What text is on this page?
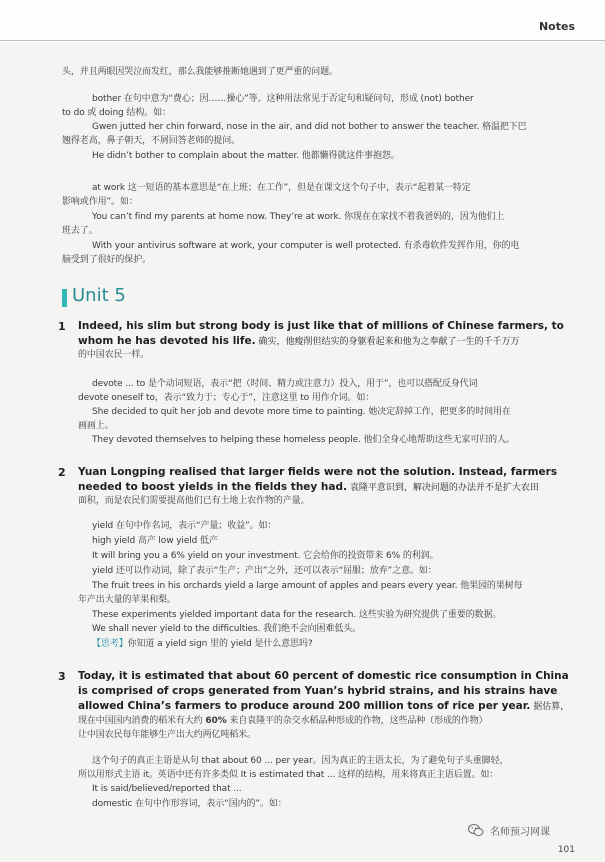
Notes
头，并且两眼因哭泣而发红，那么我能够推断她遇到了更严重的问题。
bother 在句中意为“费心；因……操心”等。这种用法常见于否定句和疑问句，形成 (not) bother
to do 或 doing 结构。如：
Gwen jutted her chin forward, nose in the air, and did not bother to answer the teacher. 格温把下巴
翘得老高，鼻子朝天，不屑回答老师的提问。
He didn’t bother to complain about the matter. 他都懒得就这件事抱怨。
at work 这一短语的基本意思是“在上班；在工作”，但是在课文这个句子中，表示“起着某一特定
影响或作用”。如：
You can’t find my parents at home now. They’re at work. 你现在在家找不着我爸妈的，因为他们上
班去了。
With your antivirus software at work, your computer is well protected. 有杀毒软件发挥作用，你的电
脑受到了很好的保护。
Unit 5
1 Indeed, his slim but strong body is just like that of millions of Chinese farmers, to
whom he has devoted his life. 确实，他瘦削但结实的身躯看起来和他为之奉献了一生的千千万万
的中国农民一样。
devote ... to 是个动词短语，表示“把（时间、精力或注意力）投入，用于”，也可以搭配反身代词
devote oneself to，表示“致力于；专心于”，注意这里 to 用作介词。如：
She decided to quit her job and devote more time to painting. 她决定辞掉工作，把更多的时间用在
画画上。
They devoted themselves to helping these homeless people. 他们全身心地帮助这些无家可归的人。
2 Yuan Longping realised that larger fields were not the solution. Instead, farmers
needed to boost yields in the fields they had. 袁隆平意识到，解决问题的办法并不是扩大农田
面积，而是农民们需要提高他们已有土地上农作物的产量。
yield 在句中作名词，表示“产量；收益”。如：
high yield 高产 low yield 低产
It will bring you a 6% yield on your investment. 它会给你的投资带来 6% 的利润。
yield 还可以作动词，除了表示“生产；产出”之外，还可以表示“屈服；放弃”之意。如：
The fruit trees in his orchards yield a large amount of apples and pears every year. 他果园的果树每
年产出大量的苹果和梨。
These experiments yielded important data for the research. 这些实验为研究提供了重要的数据。
We shall never yield to the difficulties. 我们绝不会向困难低头。
【思考】你知道 a yield sign 里的 yield 是什么意思吗?
3 Today, it is estimated that about 60 percent of domestic rice consumption in China
is comprised of crops generated from Yuan’s hybrid strains, and his strains have
allowed China’s farmers to produce around 200 million tons of rice per year. 据估算，
现在中国国内消费的稻米有大约 60% 来自袁隆平的杂交水稻品种形成的作物，这些品种（形成的作物）
让中国农民每年能够生产出大约两亿吨稻米。
这个句子的真正主语是从句 that about 60 ... per year。因为真正的主语太长，为了避免句子头重脚轻，
所以用形式主语 it。英语中还有许多类似 It is estimated that ... 这样的结构，用来将真正主语后置。如：
It is said/believed/reported that ...
domestic 在句中作形容词，表示“国内的”。如：
名师预习网课
101
